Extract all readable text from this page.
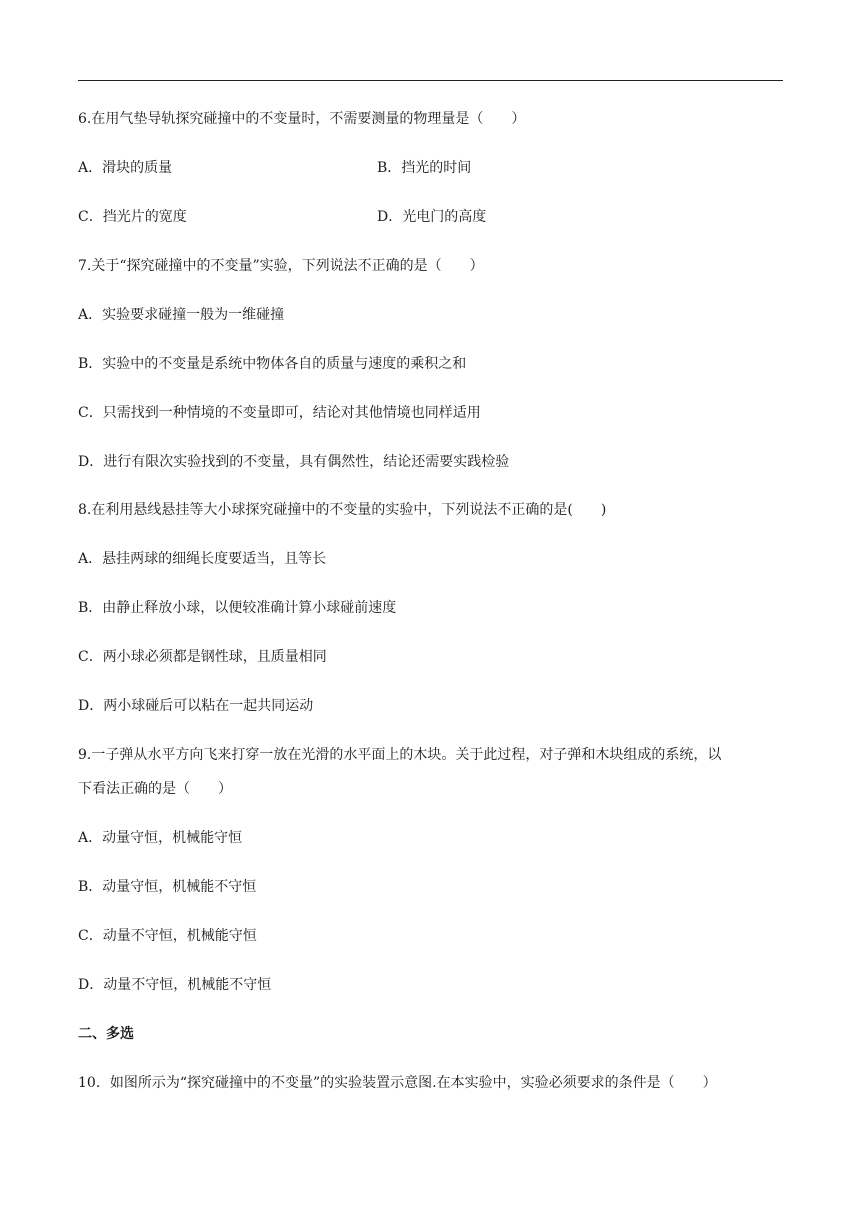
6.在用气垫导轨探究碰撞中的不变量时，不需要测量的物理量是（　　）
A．滑块的质量	B．挡光的时间
C．挡光片的宽度	D．光电门的高度
7.关于“探究碰撞中的不变量”实验，下列说法不正确的是（　　）
A．实验要求碰撞一般为一维碰撞
B．实验中的不变量是系统中物体各自的质量与速度的乘积之和
C．只需找到一种情境的不变量即可，结论对其他情境也同样适用
D．进行有限次实验找到的不变量，具有偶然性，结论还需要实践检验
8.在利用悬线悬挂等大小球探究碰撞中的不变量的实验中，下列说法不正确的是(　　)
A．悬挂两球的细绳长度要适当，且等长
B．由静止释放小球，以便较准确计算小球碰前速度
C．两小球必须都是钢性球，且质量相同
D．两小球碰后可以粘在一起共同运动
9.一子弹从水平方向飞来打穿一放在光滑的水平面上的木块。关于此过程，对子弹和木块组成的系统，以
下看法正确的是（　　）
A．动量守恒，机械能守恒
B．动量守恒，机械能不守恒
C．动量不守恒，机械能守恒
D．动量不守恒，机械能不守恒
二、多选
10．如图所示为“探究碰撞中的不变量”的实验装置示意图.在本实验中，实验必须要求的条件是（　　）
